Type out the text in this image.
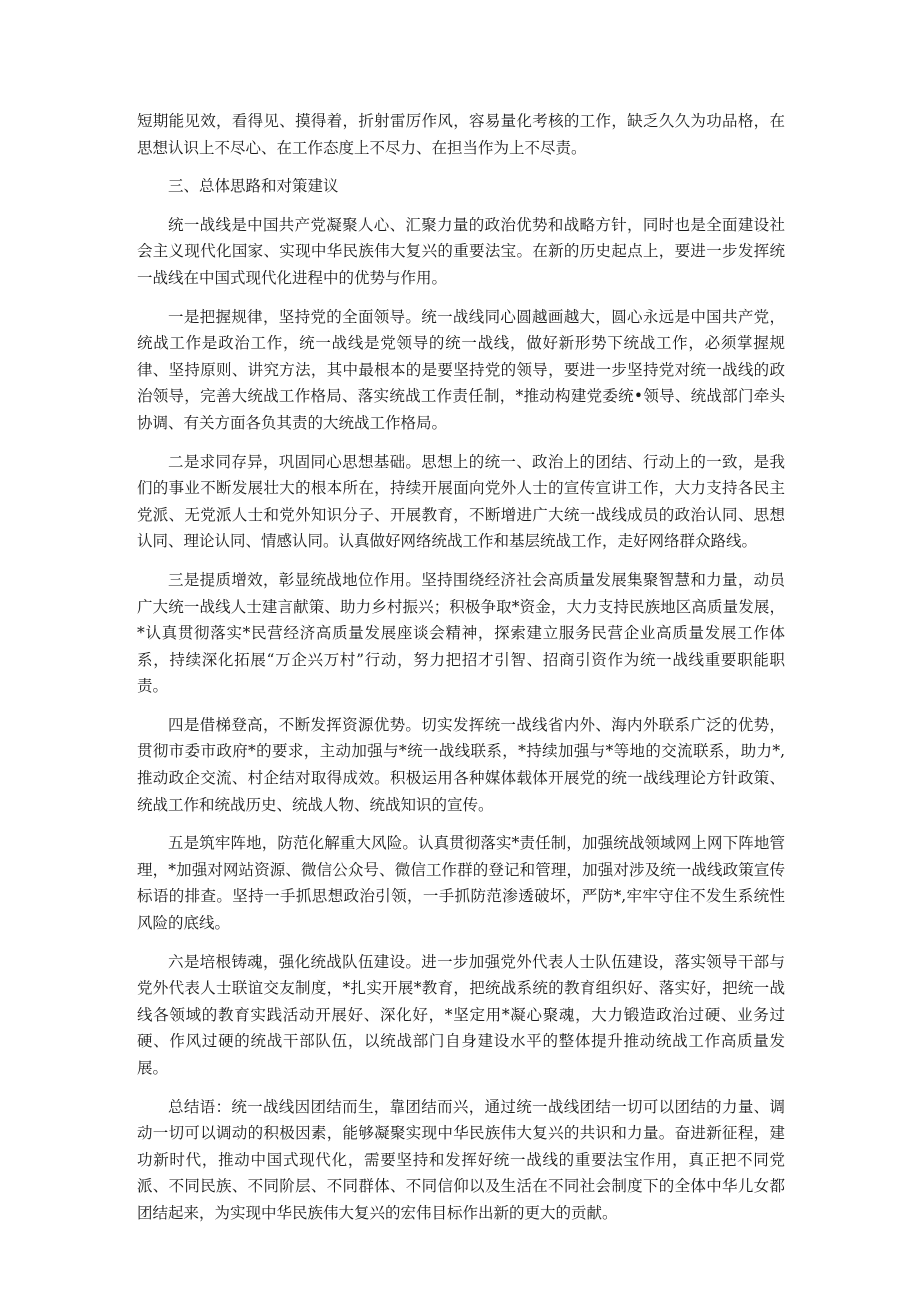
短期能见效，看得见、摸得着，折射雷厉作风，容易量化考核的工作，缺乏久久为功品格，在思想认识上不尽心、在工作态度上不尽力、在担当作为上不尽责。

三、总体思路和对策建议

统一战线是中国共产党凝聚人心、汇聚力量的政治优势和战略方针，同时也是全面建设社会主义现代化国家、实现中华民族伟大复兴的重要法宝。在新的历史起点上，要进一步发挥统一战线在中国式现代化进程中的优势与作用。

一是把握规律，坚持党的全面领导。统一战线同心圆越画越大，圆心永远是中国共产党，统战工作是政治工作，统一战线是党领导的统一战线，做好新形势下统战工作，必须掌握规律、坚持原则、讲究方法，其中最根本的是要坚持党的领导，要进一步坚持党对统一战线的政治领导，完善大统战工作格局、落实统战工作责任制，*推动构建党委统•领导、统战部门牵头协调、有关方面各负其责的大统战工作格局。

二是求同存异，巩固同心思想基础。思想上的统一、政治上的团结、行动上的一致，是我们的事业不断发展壮大的根本所在，持续开展面向党外人士的宣传宣讲工作，大力支持各民主党派、无党派人士和党外知识分子、开展教育，不断增进广大统一战线成员的政治认同、思想认同、理论认同、情感认同。认真做好网络统战工作和基层统战工作，走好网络群众路线。

三是提质增效，彰显统战地位作用。坚持围绕经济社会高质量发展集聚智慧和力量，动员广大统一战线人士建言献策、助力乡村振兴；积极争取*资金，大力支持民族地区高质量发展，*认真贯彻落实*民营经济高质量发展座谈会精神，探索建立服务民营企业高质量发展工作体系，持续深化拓展“万企兴万村”行动，努力把招才引智、招商引资作为统一战线重要职能职责。

四是借梯登高，不断发挥资源优势。切实发挥统一战线省内外、海内外联系广泛的优势，贯彻市委市政府*的要求，主动加强与*统一战线联系，*持续加强与*等地的交流联系，助力*,推动政企交流、村企结对取得成效。积极运用各种媒体载体开展党的统一战线理论方针政策、统战工作和统战历史、统战人物、统战知识的宣传。

五是筑牢阵地，防范化解重大风险。认真贯彻落实*责任制，加强统战领域网上网下阵地管理，*加强对网站资源、微信公众号、微信工作群的登记和管理，加强对涉及统一战线政策宣传标语的排查。坚持一手抓思想政治引领，一手抓防范渗透破坏，严防*,牢牢守住不发生系统性风险的底线。

六是培根铸魂，强化统战队伍建设。进一步加强党外代表人士队伍建设，落实领导干部与党外代表人士联谊交友制度，*扎实开展*教育，把统战系统的教育组织好、落实好，把统一战线各领域的教育实践活动开展好、深化好，*坚定用*凝心聚魂，大力锻造政治过硬、业务过硬、作风过硬的统战干部队伍，以统战部门自身建设水平的整体提升推动统战工作高质量发展。

总结语：统一战线因团结而生，靠团结而兴，通过统一战线团结一切可以团结的力量、调动一切可以调动的积极因素，能够凝聚实现中华民族伟大复兴的共识和力量。奋进新征程，建功新时代，推动中国式现代化，需要坚持和发挥好统一战线的重要法宝作用，真正把不同党派、不同民族、不同阶层、不同群体、不同信仰以及生活在不同社会制度下的全体中华儿女都团结起来，为实现中华民族伟大复兴的宏伟目标作出新的更大的贡献。
